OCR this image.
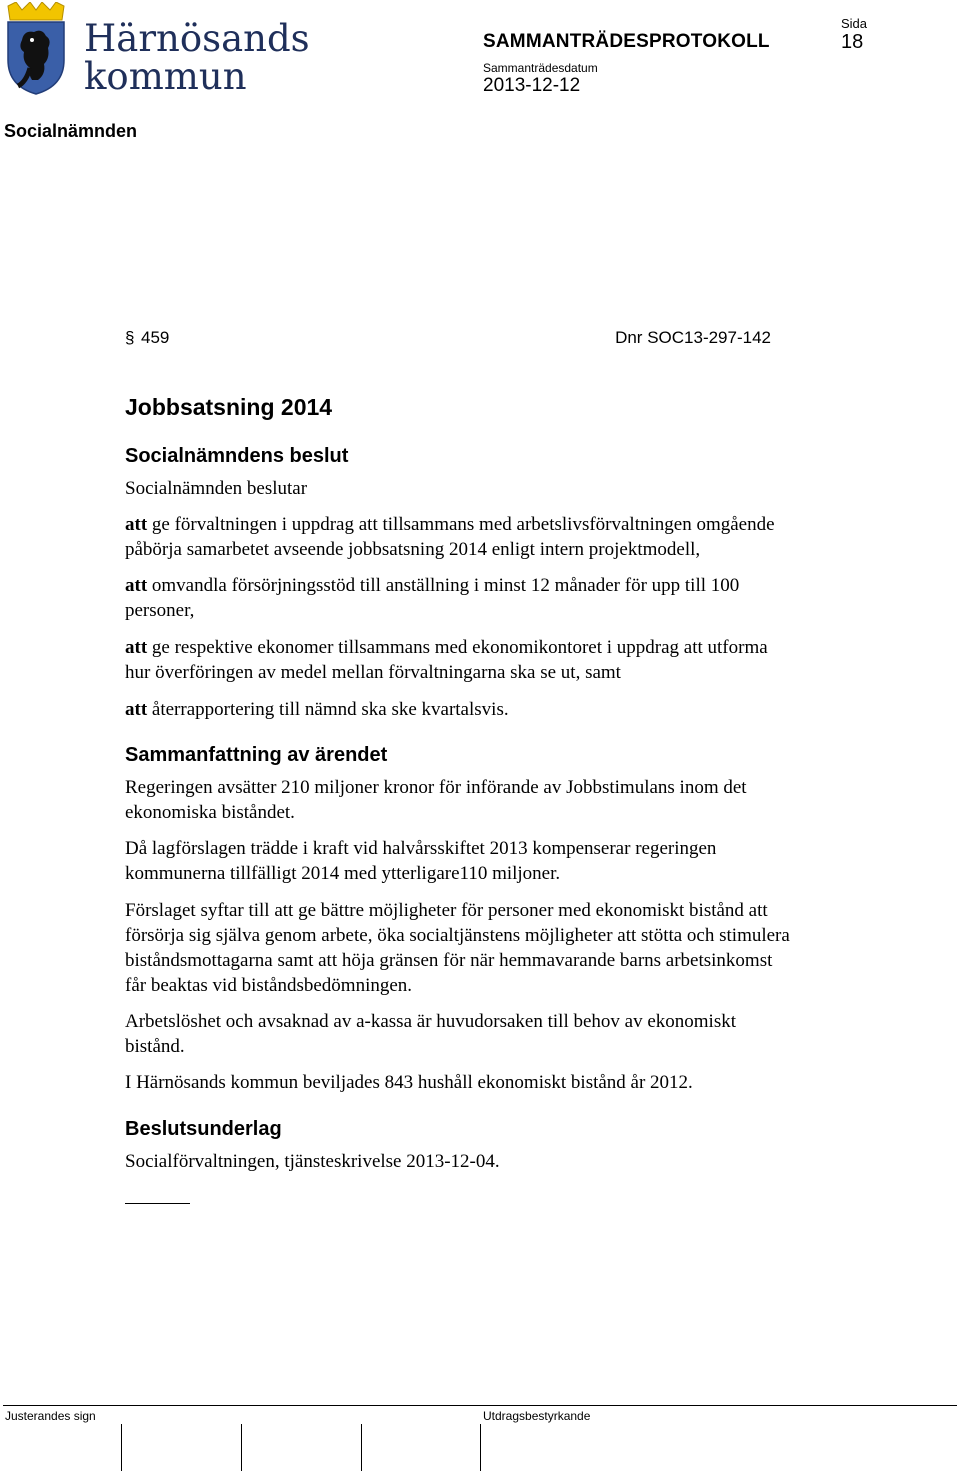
Härnösands
kommun
SAMMANTRÄDESPROTOKOLL
Sida
18
Sammanträdesdatum
2013-12-12
Socialnämnden
§ 459	Dnr SOC13-297-142
Jobbsatsning 2014
Socialnämndens beslut
Socialnämnden beslutar
att ge förvaltningen i uppdrag att tillsammans med arbetslivsförvaltningen omgående
påbörja samarbetet avseende jobbsatsning 2014 enligt intern projektmodell,
att omvandla försörjningsstöd till anställning i minst 12 månader för upp till 100
personer,
att ge respektive ekonomer tillsammans med ekonomikontoret i uppdrag att utforma
hur överföringen av medel mellan förvaltningarna ska se ut, samt
att återrapportering till nämnd ska ske kvartalsvis.
Sammanfattning av ärendet
Regeringen avsätter 210 miljoner kronor för införande av Jobbstimulans inom det
ekonomiska biståndet.
Då lagförslagen trädde i kraft vid halvårsskiftet 2013 kompenserar regeringen
kommunerna tillfälligt 2014 med ytterligare110 miljoner.
Förslaget syftar till att ge bättre möjligheter för personer med ekonomiskt bistånd att
försörja sig själva genom arbete, öka socialtjänstens möjligheter att stötta och stimulera
biståndsmottagarna samt att höja gränsen för när hemmavarande barns arbetsinkomst
får beaktas vid biståndsbedömningen.
Arbetslöshet och avsaknad av a-kassa är huvudorsaken till behov av ekonomiskt
bistånd.
I Härnösands kommun beviljades 843 hushåll ekonomiskt bistånd år 2012.
Beslutsunderlag
Socialförvaltningen, tjänsteskrivelse 2013-12-04.
Justerandes sign	Utdragsbestyrkande
